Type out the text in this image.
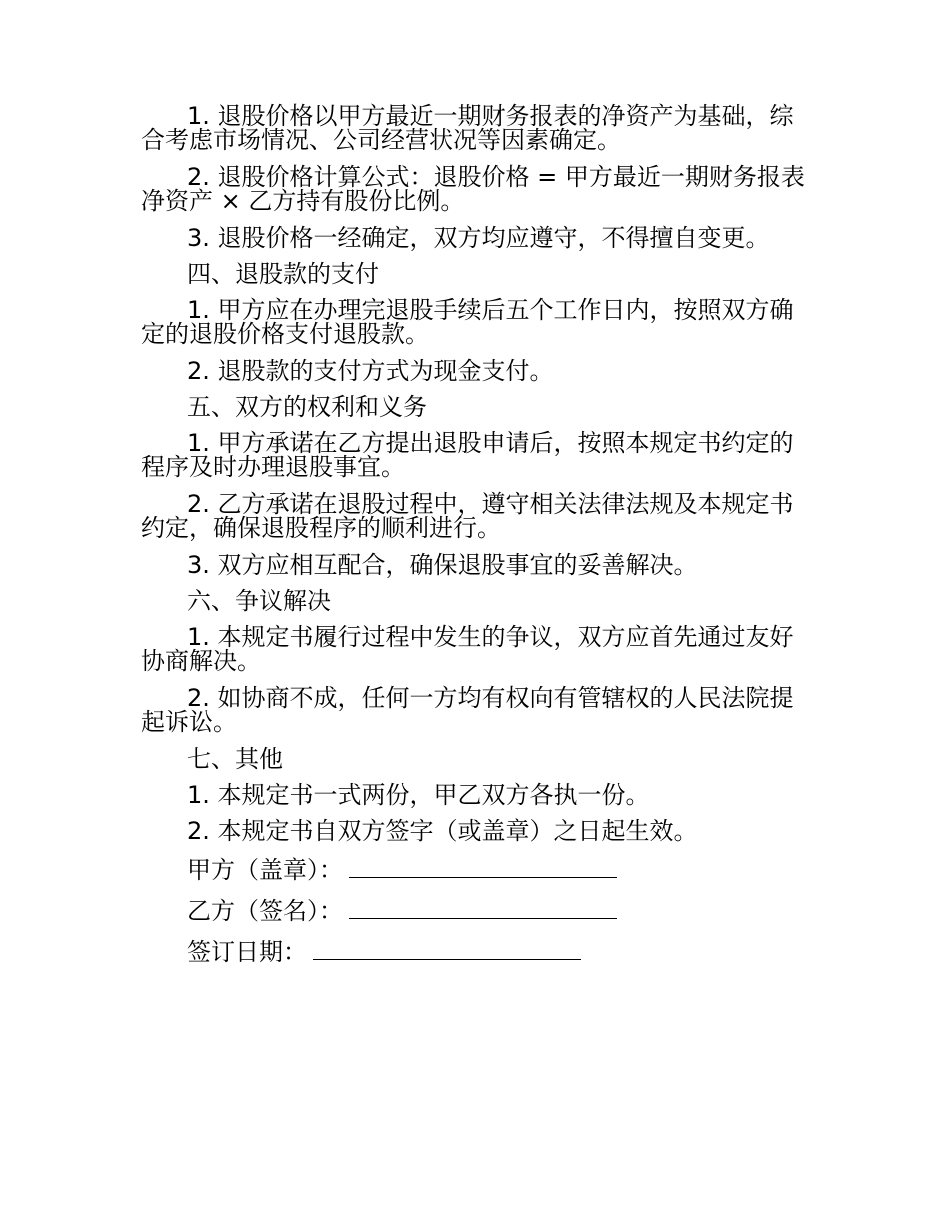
1. 退股价格以甲方最近一期财务报表的净资产为基础，综合考虑市场情况、公司经营状况等因素确定。

2. 退股价格计算公式：退股价格 = 甲方最近一期财务报表净资产 × 乙方持有股份比例。

3. 退股价格一经确定，双方均应遵守，不得擅自变更。

四、退股款的支付

1. 甲方应在办理完退股手续后五个工作日内，按照双方确定的退股价格支付退股款。

2. 退股款的支付方式为现金支付。

五、双方的权利和义务

1. 甲方承诺在乙方提出退股申请后，按照本规定书约定的程序及时办理退股事宜。

2. 乙方承诺在退股过程中，遵守相关法律法规及本规定书约定，确保退股程序的顺利进行。

3. 双方应相互配合，确保退股事宜的妥善解决。

六、争议解决

1. 本规定书履行过程中发生的争议，双方应首先通过友好协商解决。

2. 如协商不成，任何一方均有权向有管辖权的人民法院提起诉讼。

七、其他

1. 本规定书一式两份，甲乙双方各执一份。

2. 本规定书自双方签字（或盖章）之日起生效。

甲方（盖章）：
乙方（签名）：
签订日期：
